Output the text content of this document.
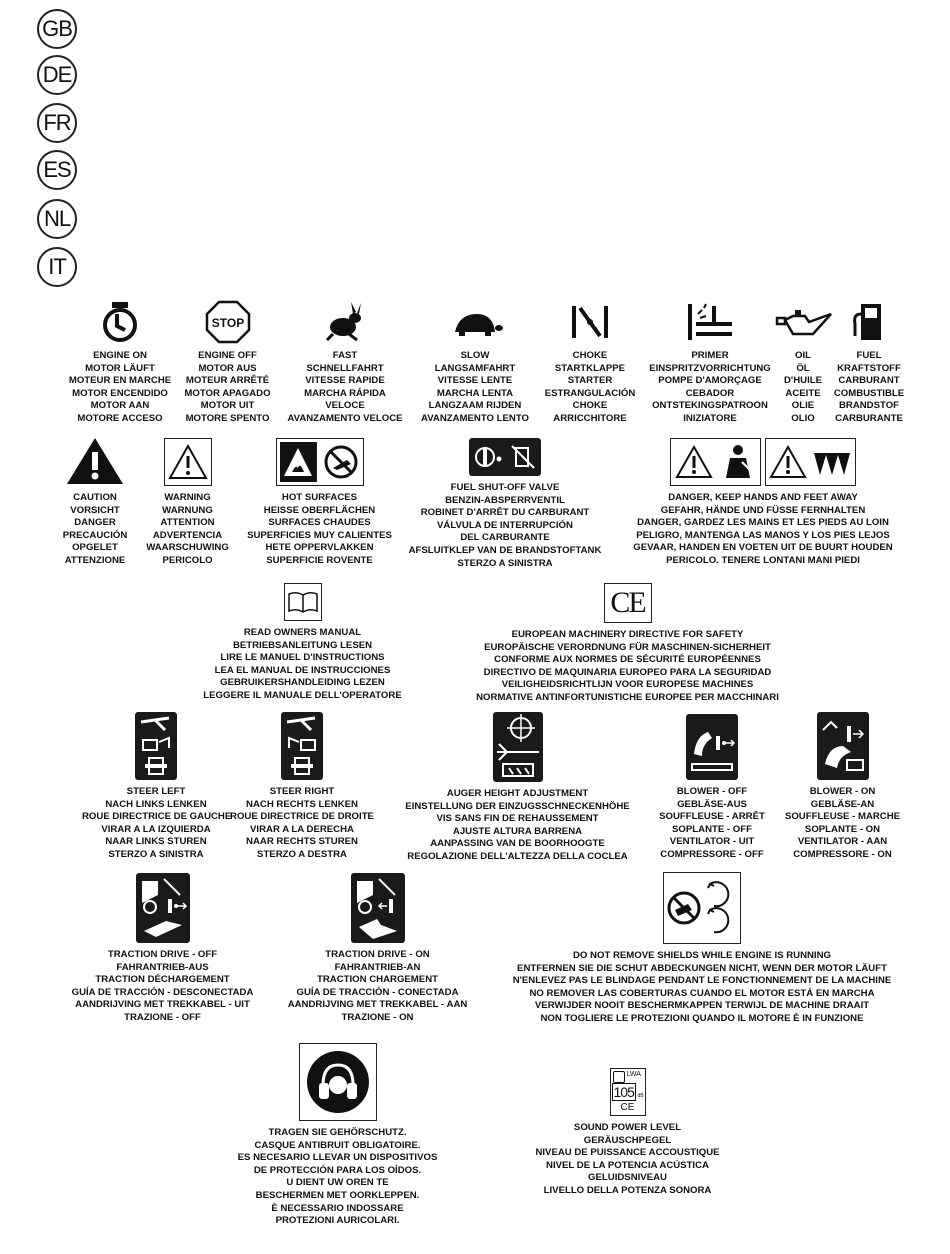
GB
DE
FR
ES
NL
IT
ENGINE ON
MOTOR LÄUFT
MOTEUR EN MARCHE
MOTOR ENCENDIDO
MOTOR AAN
MOTORE ACCESO
STOP
ENGINE OFF
MOTOR AUS
MOTEUR ARRÊTÉ
MOTOR APAGADO
MOTOR UIT
MOTORE SPENTO
FAST
SCHNELLFAHRT
VITESSE RAPIDE
MARCHA RÁPIDA
VELOCE
AVANZAMENTO VELOCE
SLOW
LANGSAMFAHRT
VITESSE LENTE
MARCHA LENTA
LANGZAAM RIJDEN
AVANZAMENTO LENTO
CHOKE
STARTKLAPPE
STARTER
ESTRANGULACIÓN
CHOKE
ARRICCHITORE
PRIMER
EINSPRITZVORRICHTUNG
POMPE D'AMORÇAGE
CEBADOR
ONTSTEKINGSPATROON
INIZIATORE
OIL
ÖL
D'HUILE
ACEITE
OLIE
OLIO
FUEL
KRAFTSTOFF
CARBURANT
COMBUSTIBLE
BRANDSTOF
CARBURANTE
CAUTION
VORSICHT
DANGER
PRECAUCIÓN
OPGELET
ATTENZIONE
WARNING
WARNUNG
ATTENTION
ADVERTENCIA
WAARSCHUWING
PERICOLO
HOT SURFACES
HEISSE OBERFLÄCHEN
SURFACES CHAUDES
SUPERFICIES MUY CALIENTES
HETE OPPERVLAKKEN
SUPERFICIE ROVENTE
FUEL SHUT-OFF VALVE
BENZIN-ABSPERRVENTIL
ROBINET D'ARRÊT DU CARBURANT
VÁLVULA DE INTERRUPCIÓN
DEL CARBURANTE
AFSLUITKLEP VAN DE BRANDSTOFTANK
STERZO A SINISTRA
DANGER, KEEP HANDS AND FEET AWAY
GEFAHR, HÄNDE UND FÜSSE FERNHALTEN
DANGER, GARDEZ LES MAINS ET LES PIEDS AU LOIN
PELIGRO, MANTENGA LAS MANOS Y LOS PIES LEJOS
GEVAAR, HANDEN EN VOETEN UIT DE BUURT HOUDEN
PERICOLO. TENERE LONTANI MANI PIEDI
READ OWNERS MANUAL
BETRIEBSANLEITUNG LESEN
LIRE LE MANUEL D'INSTRUCTIONS
LEA EL MANUAL DE INSTRUCCIONES
GEBRUIKERSHANDLEIDING LEZEN
LEGGERE IL MANUALE DELL'OPERATORE
CE
EUROPEAN MACHINERY DIRECTIVE FOR SAFETY
EUROPÄISCHE VERORDNUNG FÜR MASCHINEN-SICHERHEIT
CONFORME AUX NORMES DE SÉCURITÉ EUROPÉENNES
DIRECTIVO DE MAQUINARIA EUROPEO PARA LA SEGURIDAD
VEILIGHEIDSRICHTLIJN VOOR EUROPESE MACHINES
NORMATIVE ANTINFORTUNISTICHE EUROPEE PER MACCHINARI
STEER LEFT
NACH LINKS LENKEN
ROUE DIRECTRICE DE GAUCHE
VIRAR A LA IZQUIERDA
NAAR LINKS STUREN
STERZO A SINISTRA
STEER RIGHT
NACH RECHTS LENKEN
ROUE DIRECTRICE DE DROITE
VIRAR A LA DERECHA
NAAR RECHTS STUREN
STERZO A DESTRA
AUGER HEIGHT ADJUSTMENT
EINSTELLUNG DER EINZUGSSCHNECKENHÖHE
VIS SANS FIN DE REHAUSSEMENT
AJUSTE ALTURA BARRENA
AANPASSING VAN DE BOORHOOGTE
REGOLAZIONE DELL'ALTEZZA DELLA COCLEA
BLOWER - OFF
GEBLÄSE-AUS
SOUFFLEUSE - ARRÊT
SOPLANTE - OFF
VENTILATOR - UIT
COMPRESSORE - OFF
BLOWER - ON
GEBLÄSE-AN
SOUFFLEUSE - MARCHE
SOPLANTE - ON
VENTILATOR - AAN
COMPRESSORE - ON
TRACTION DRIVE - OFF
FAHRANTRIEB-AUS
TRACTION DÉCHARGEMENT
GUÍA DE TRACCIÓN - DESCONECTADA
AANDRIJVING MET TREKKABEL - UIT
TRAZIONE - OFF
TRACTION DRIVE - ON
FAHRANTRIEB-AN
TRACTION CHARGEMENT
GUÍA DE TRACCIÓN - CONECTADA
AANDRIJVING MET TREKKABEL - AAN
TRAZIONE - ON
DO NOT REMOVE SHIELDS WHILE ENGINE IS RUNNING
ENTFERNEN SIE DIE SCHUT ABDECKUNGEN NICHT, WENN DER MOTOR LÄUFT
N'ENLEVEZ PAS LE BLINDAGE PENDANT LE FONCTIONNEMENT DE LA MACHINE
NO REMOVER LAS COBERTURAS CUANDO EL MOTOR ESTÁ EN MARCHA
VERWIJDER NOOIT BESCHERMKAPPEN TERWIJL DE MACHINE DRAAIT
NON TOGLIERE LE PROTEZIONI QUANDO IL MOTORE È IN FUNZIONE
TRAGEN SIE GEHÖRSCHUTZ.
CASQUE ANTIBRUIT OBLIGATOIRE.
ES NECESARIO LLEVAR UN DISPOSITIVOS
DE PROTECCIÓN PARA LOS OÍDOS.
U DIENT UW OREN TE
BESCHERMEN MET OORKLEPPEN.
È NECESSARIO INDOSSARE
PROTEZIONI AURICOLARI.
LWA
105 dB
CE
SOUND POWER LEVEL
GERÄUSCHPEGEL
NIVEAU DE PUISSANCE ACCOUSTIQUE
NIVEL DE LA POTENCIA ACÚSTICA
GELUIDSNIVEAU
LIVELLO DELLA POTENZA SONORA
